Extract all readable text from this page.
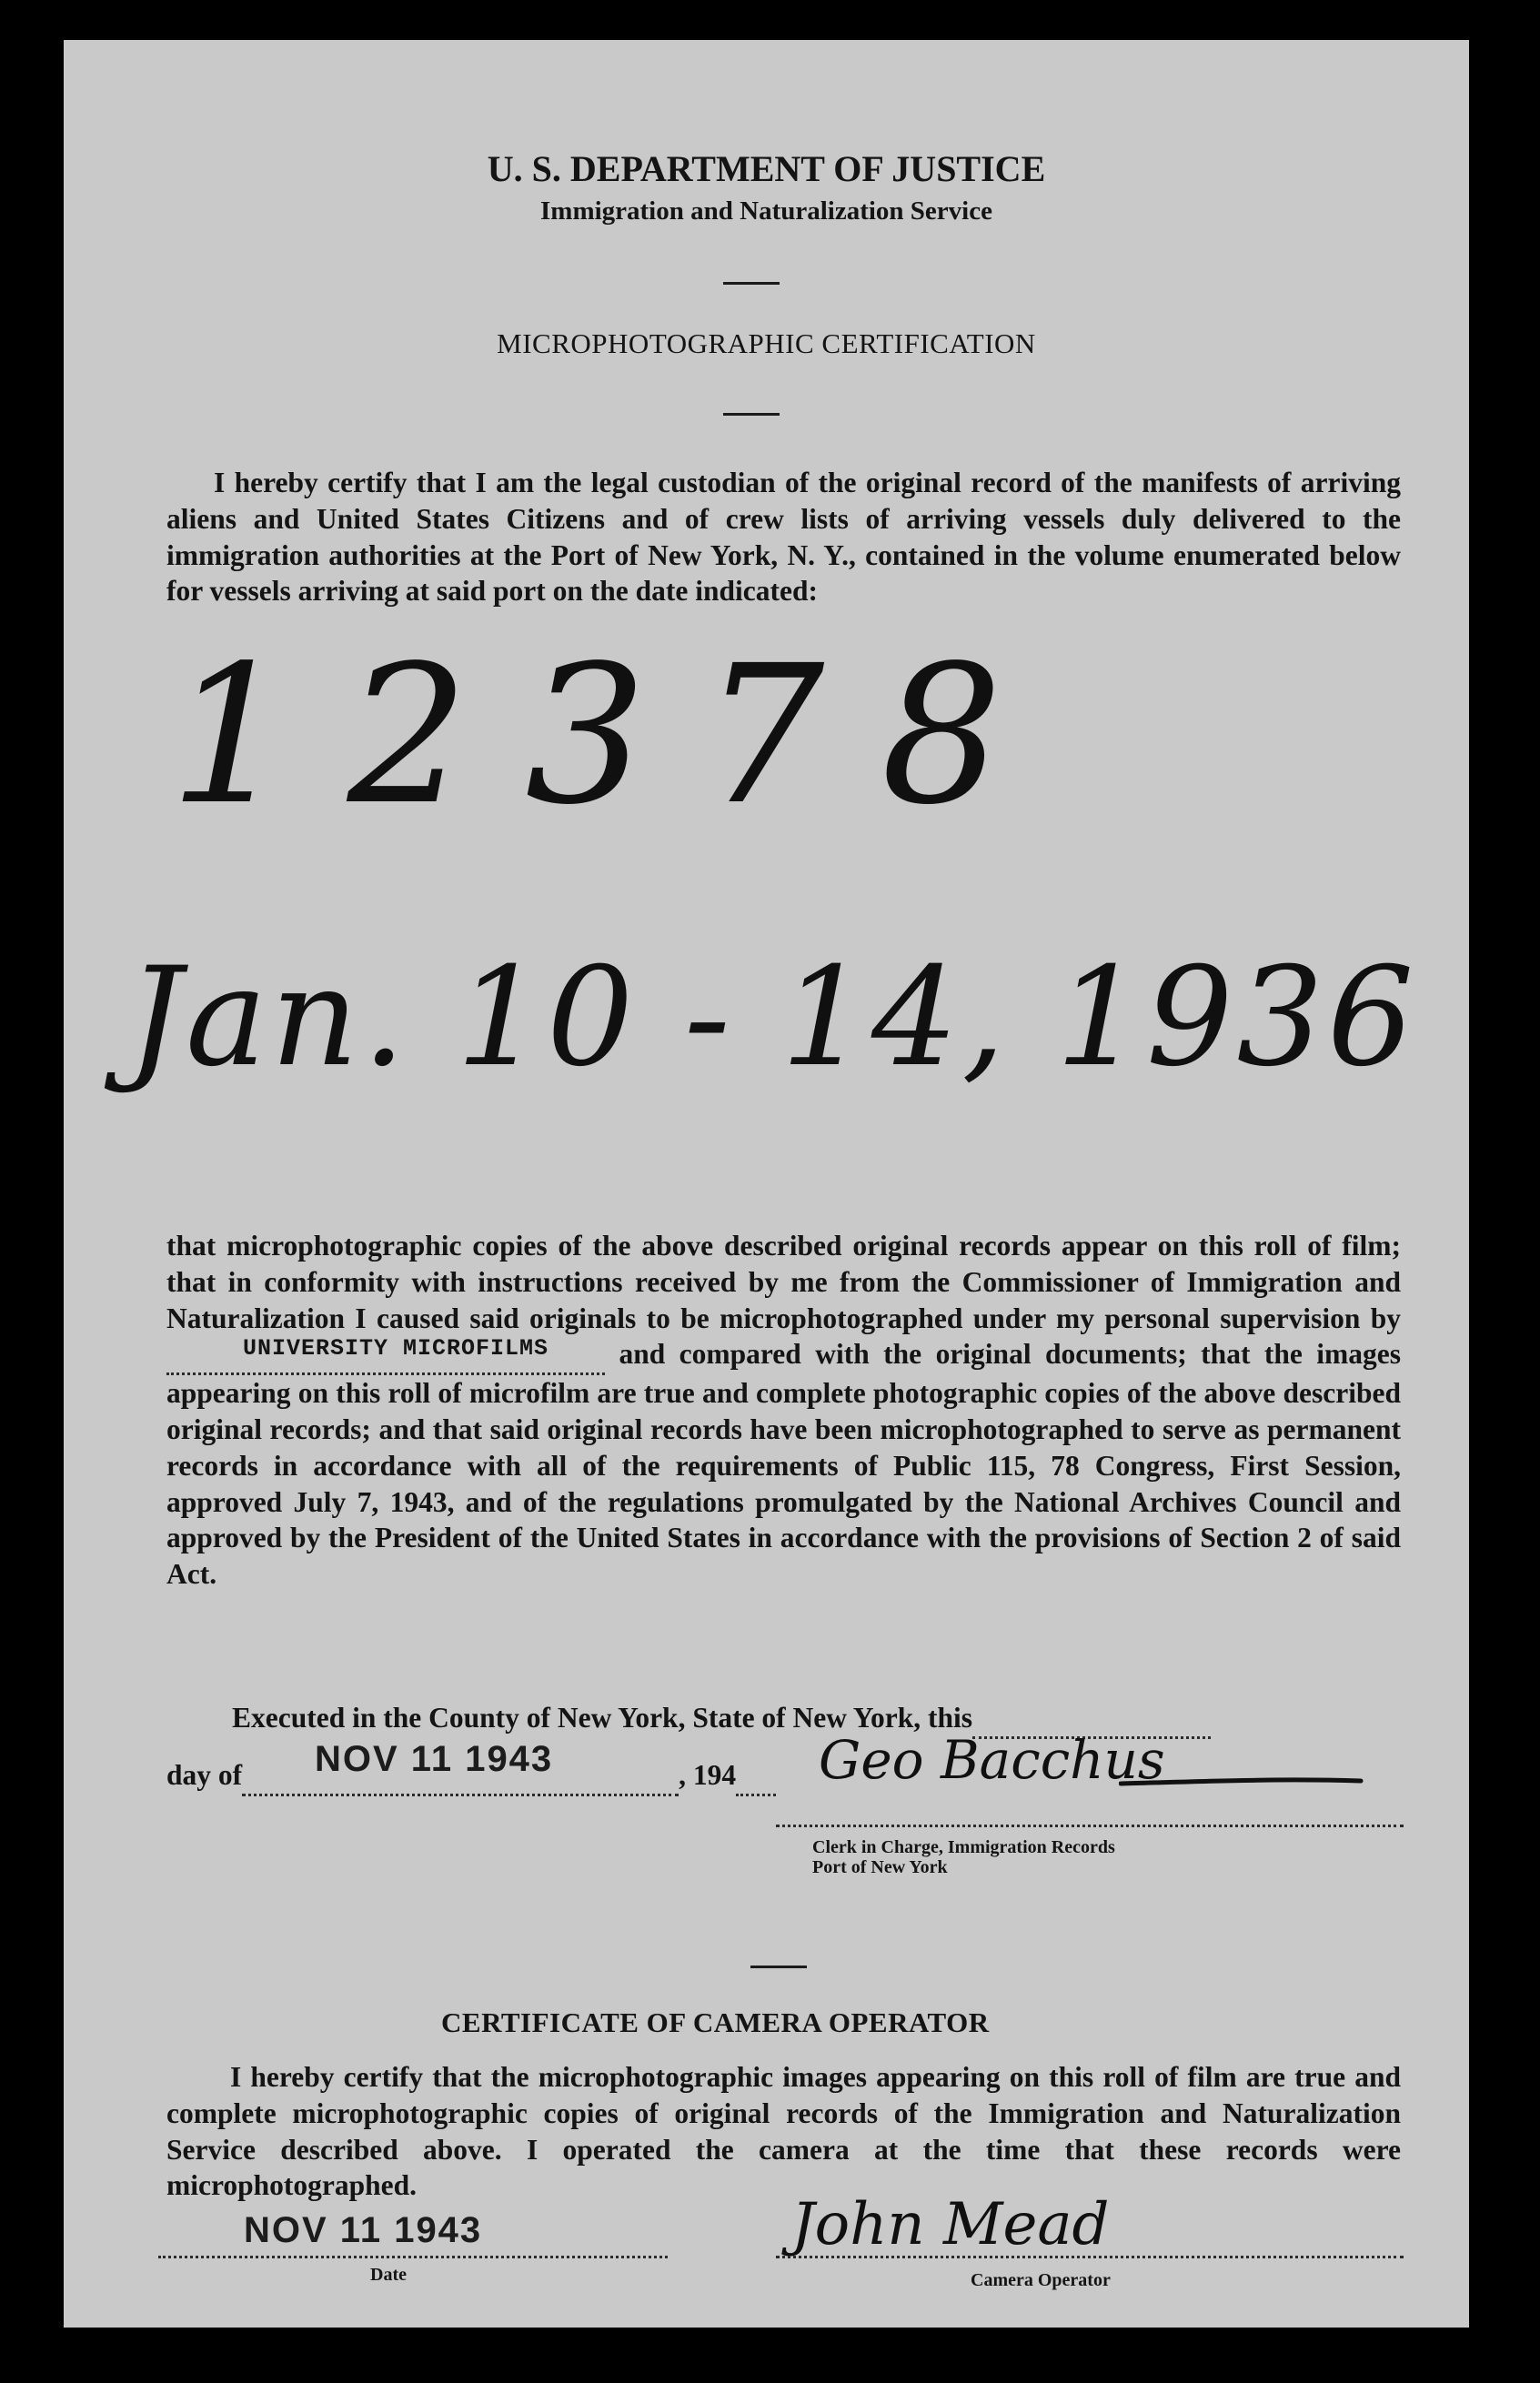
U. S. DEPARTMENT OF JUSTICE
Immigration and Naturalization Service
MICROPHOTOGRAPHIC CERTIFICATION
I hereby certify that I am the legal custodian of the original record of the manifests of arriving aliens and United States Citizens and of crew lists of arriving vessels duly delivered to the immigration authorities at the Port of New York, N. Y., contained in the volume enumerated below for vessels arriving at said port on the date indicated:
12378
Jan. 10 - 14, 1936
that microphotographic copies of the above described original records appear on this roll of film; that in conformity with instructions received by me from the Commissioner of Immigration and Naturalization I caused said originals to be microphotographed under my personal supervision by
UNIVERSITY MICROFILMS and compared with the original documents; that the images appearing on this roll of microfilm are true and complete photographic copies of the above described original records; and that said original records have been microphotographed to serve as permanent records in accordance with all of the requirements of Public 115, 78 Congress, First Session, approved July 7, 1943, and of the regulations promulgated by the National Archives Council and approved by the President of the United States in accordance with the provisions of Section 2 of said Act.
Executed in the County of New York, State of New York, this
day of	, 194
NOV 11 1943	Geo Bacchus
Clerk in Charge, Immigration Records
Port of New York
CERTIFICATE OF CAMERA OPERATOR
I hereby certify that the microphotographic images appearing on this roll of film are true and complete microphotographic copies of original records of the Immigration and Naturalization Service described above. I operated the camera at the time that these records were microphotographed.
NOV 11 1943
Date
John Mead
Camera Operator
